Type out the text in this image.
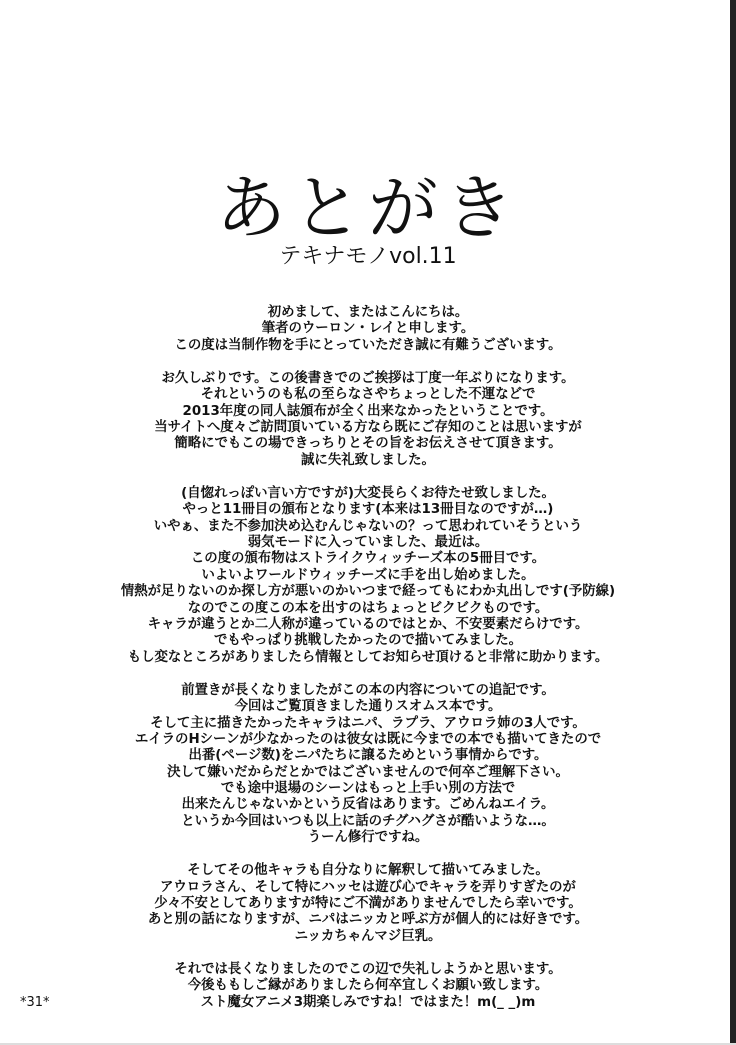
あとがき
テキナモノvol.11
初めまして、またはこんにちは。
筆者のウーロン・レイと申します。
この度は当制作物を手にとっていただき誠に有難うございます。
お久しぶりです。この後書きでのご挨拶は丁度一年ぶりになります。
それというのも私の至らなさやちょっとした不運などで
2013年度の同人誌頒布が全く出来なかったということです。
当サイトへ度々ご訪問頂いている方なら既にご存知のことは思いますが
簡略にでもこの場できっちりとその旨をお伝えさせて頂きます。
誠に失礼致しました。
(自惚れっぽい言い方ですが)大変長らくお待たせ致しました。
やっと11冊目の頒布となります(本来は13冊目なのですが…)
いやぁ、また不参加決め込むんじゃないの？って思われていそうという
弱気モードに入っていました、最近は。
この度の頒布物はストライクウィッチーズ本の5冊目です。
いよいよワールドウィッチーズに手を出し始めました。
情熱が足りないのか探し方が悪いのかいつまで経ってもにわか丸出しです(予防線)
なのでこの度この本を出すのはちょっとビクビクものです。
キャラが違うとか二人称が違っているのではとか、不安要素だらけです。
でもやっぱり挑戦したかったので描いてみました。
もし変なところがありましたら情報としてお知らせ頂けると非常に助かります。
前置きが長くなりましたがこの本の内容についての追記です。
今回はご覧頂きました通りスオムス本です。
そして主に描きたかったキャラはニパ、ラプラ、アウロラ姉の3人です。
エイラのHシーンが少なかったのは彼女は既に今までの本でも描いてきたので
出番(ページ数)をニパたちに譲るためという事情からです。
決して嫌いだからだとかではございませんので何卒ご理解下さい。
でも途中退場のシーンはもっと上手い別の方法で
出来たんじゃないかという反省はあります。ごめんねエイラ。
というか今回はいつも以上に話のチグハグさが酷いような…。
うーん修行ですね。
そしてその他キャラも自分なりに解釈して描いてみました。
アウロラさん、そして特にハッセは遊び心でキャラを弄りすぎたのが
少々不安としてありますが特にご不満がありませんでしたら幸いです。
あと別の話になりますが、ニパはニッカと呼ぶ方が個人的には好きです。
ニッカちゃんマジ巨乳。
それでは長くなりましたのでこの辺で失礼しようかと思います。
今後ももしご縁がありましたら何卒宜しくお願い致します。
スト魔女アニメ3期楽しみですね！ではまた！m(_ _)m
*31*
